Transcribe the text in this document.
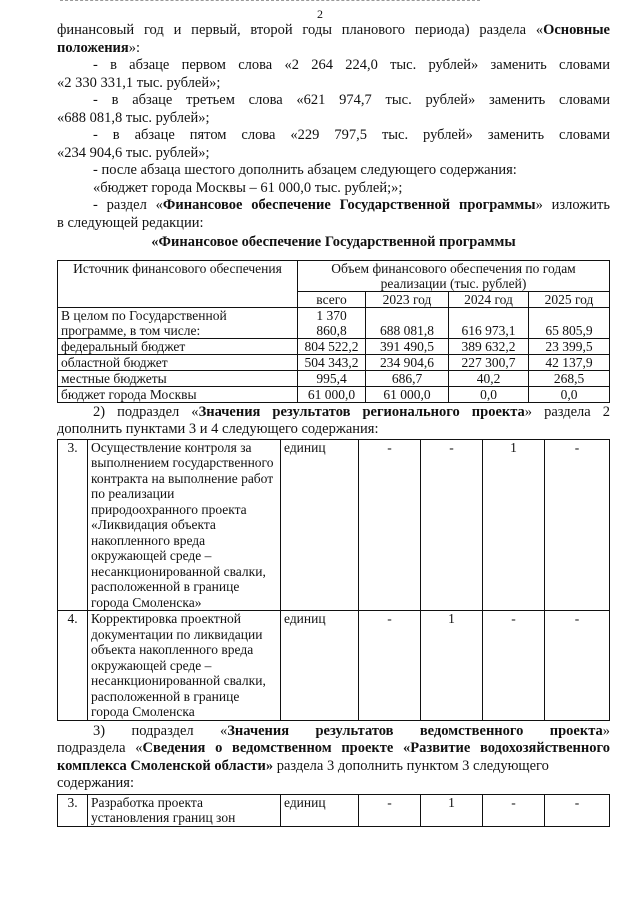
2

финансовый год и первый, второй годы планового периода) раздела «Основные

положения»:

- в абзаце первом слова «2 264 224,0 тыс. рублей» заменить словами

«2 330 331,1 тыс. рублей»;

- в абзаце третьем слова «621 974,7 тыс. рублей» заменить словами

«688 081,8 тыс. рублей»;

- в абзаце пятом слова «229 797,5 тыс. рублей» заменить словами

«234 904,6 тыс. рублей»;

- после абзаца шестого дополнить абзацем следующего содержания:

«бюджет города Москвы – 61 000,0 тыс. рублей;»;

- раздел «Финансовое обеспечение Государственной программы» изложить

в следующей редакции:

«Финансовое обеспечение Государственной программы

Источник финансового обеспечения	Объем финансового обеспечения по годам реализации (тыс. рублей)			
	всего	2023 год	2024 год	2025 год
В целом по Государственной программе, в том числе:	1 370 860,8	688 081,8	616 973,1	65 805,9
федеральный бюджет	804 522,2	391 490,5	389 632,2	23 399,5
областной бюджет	504 343,2	234 904,6	227 300,7	42 137,9
местные бюджеты	995,4	686,7	40,2	268,5
бюджет города Москвы	61 000,0	61 000,0	0,0	0,0

2) подраздел «Значения результатов регионального проекта» раздела 2

дополнить пунктами 3 и 4 следующего содержания:

3.	Осуществление контроля за выполнением государственного контракта на выполнение работ по реализации природоохранного проекта «Ликвидация объекта накопленного вреда окружающей среде – несанкционированной свалки, расположенной в границе города Смоленска»	единиц	-	-	1	-
4.	Корректировка проектной документации по ликвидации объекта накопленного вреда окружающей среде – несанкционированной свалки, расположенной в границе города Смоленска	единиц	-	1	-	-

3) подраздел «Значения результатов ведомственного проекта»

подраздела «Сведения о ведомственном проекте «Развитие водохозяйственного комплекса Смоленской области» раздела 3 дополнить пунктом 3 следующего

содержания:

3.	Разработка проекта установления границ зон	единиц	-	1	-	-
